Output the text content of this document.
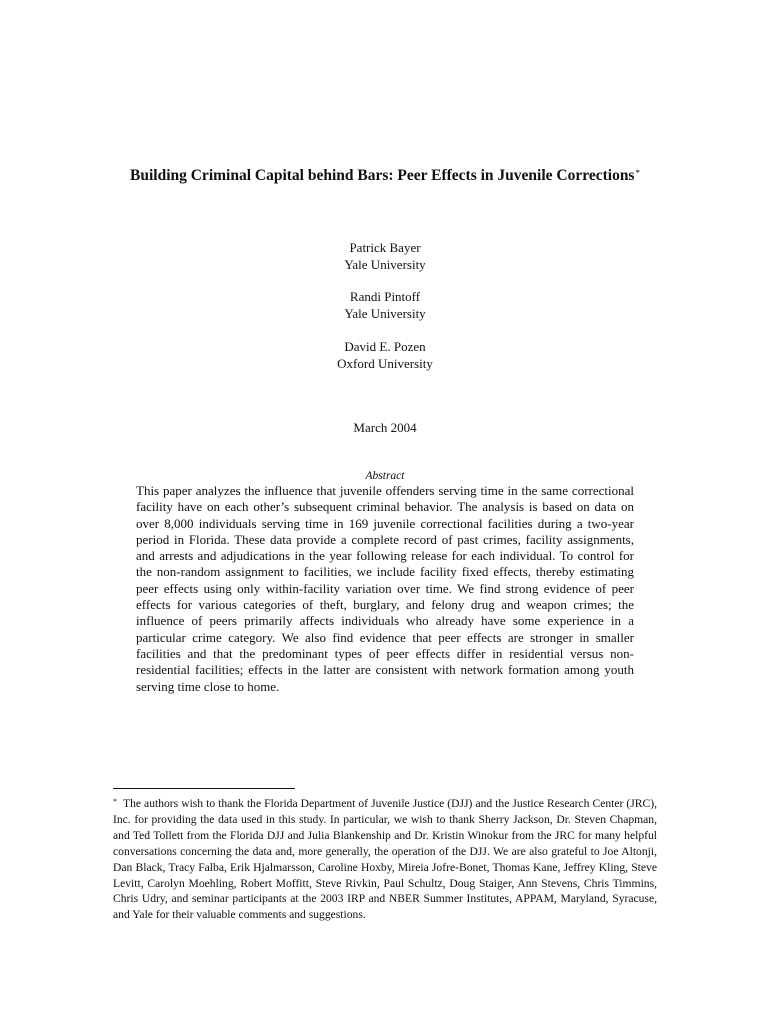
Building Criminal Capital behind Bars: Peer Effects in Juvenile Corrections*
Patrick Bayer
Yale University
Randi Pintoff
Yale University
David E. Pozen
Oxford University
March 2004
Abstract
This paper analyzes the influence that juvenile offenders serving time in the same correctional facility have on each other’s subsequent criminal behavior. The analysis is based on data on over 8,000 individuals serving time in 169 juvenile correctional facilities during a two-year period in Florida. These data provide a complete record of past crimes, facility assignments, and arrests and adjudications in the year following release for each individual. To control for the non-random assignment to facilities, we include facility fixed effects, thereby estimating peer effects using only within-facility variation over time. We find strong evidence of peer effects for various categories of theft, burglary, and felony drug and weapon crimes; the influence of peers primarily affects individuals who already have some experience in a particular crime category. We also find evidence that peer effects are stronger in smaller facilities and that the predominant types of peer effects differ in residential versus non-residential facilities; effects in the latter are consistent with network formation among youth serving time close to home.
* The authors wish to thank the Florida Department of Juvenile Justice (DJJ) and the Justice Research Center (JRC), Inc. for providing the data used in this study. In particular, we wish to thank Sherry Jackson, Dr. Steven Chapman, and Ted Tollett from the Florida DJJ and Julia Blankenship and Dr. Kristin Winokur from the JRC for many helpful conversations concerning the data and, more generally, the operation of the DJJ. We are also grateful to Joe Altonji, Dan Black, Tracy Falba, Erik Hjalmarsson, Caroline Hoxby, Mireia Jofre-Bonet, Thomas Kane, Jeffrey Kling, Steve Levitt, Carolyn Moehling, Robert Moffitt, Steve Rivkin, Paul Schultz, Doug Staiger, Ann Stevens, Chris Timmins, Chris Udry, and seminar participants at the 2003 IRP and NBER Summer Institutes, APPAM, Maryland, Syracuse, and Yale for their valuable comments and suggestions.
